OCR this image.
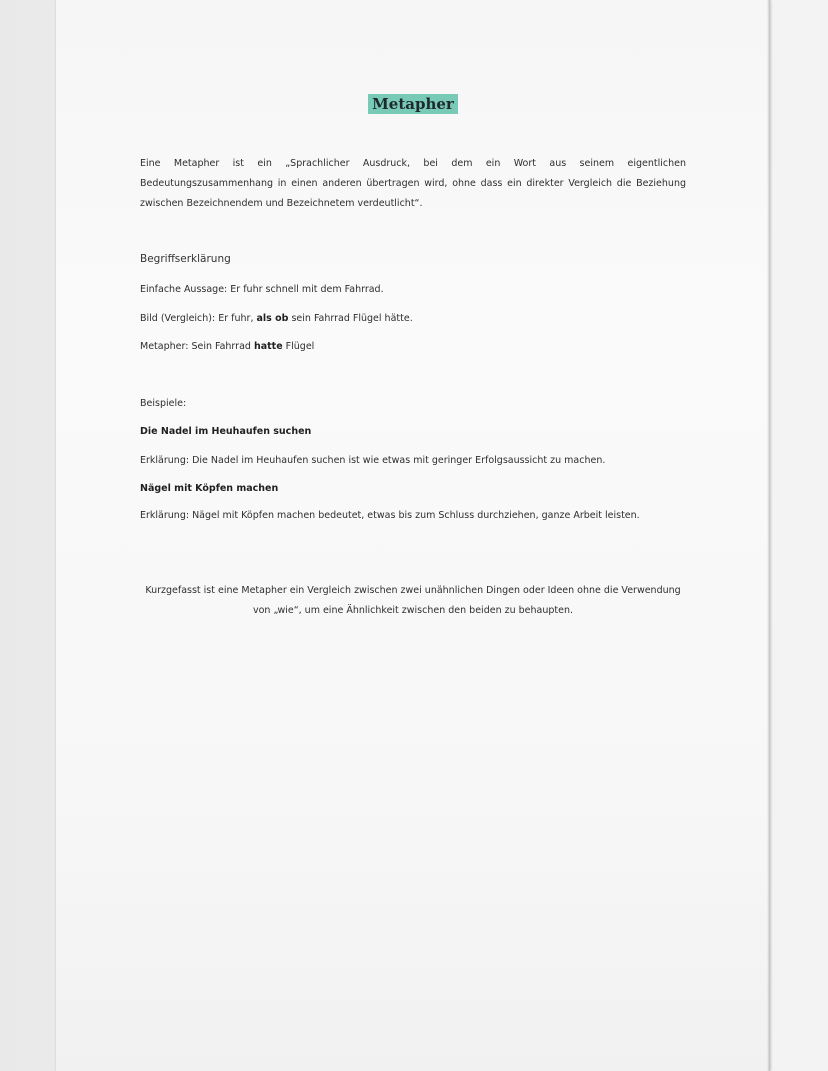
Metapher
Eine Metapher ist ein „Sprachlicher Ausdruck, bei dem ein Wort aus seinem eigentlichen Bedeutungszusammenhang in einen anderen übertragen wird, ohne dass ein direkter Vergleich die Beziehung zwischen Bezeichnendem und Bezeichnetem verdeutlicht“.
Begriffserklärung
Einfache Aussage: Er fuhr schnell mit dem Fahrrad.
Bild (Vergleich): Er fuhr, als ob sein Fahrrad Flügel hätte.
Metapher: Sein Fahrrad hatte Flügel
Beispiele:
Die Nadel im Heuhaufen suchen
Erklärung: Die Nadel im Heuhaufen suchen ist wie etwas mit geringer Erfolgsaussicht zu machen.
Nägel mit Köpfen machen
Erklärung: Nägel mit Köpfen machen bedeutet, etwas bis zum Schluss durchziehen, ganze Arbeit leisten.
Kurzgefasst ist eine Metapher ein Vergleich zwischen zwei unähnlichen Dingen oder Ideen ohne die Verwendung von „wie“, um eine Ähnlichkeit zwischen den beiden zu behaupten.
